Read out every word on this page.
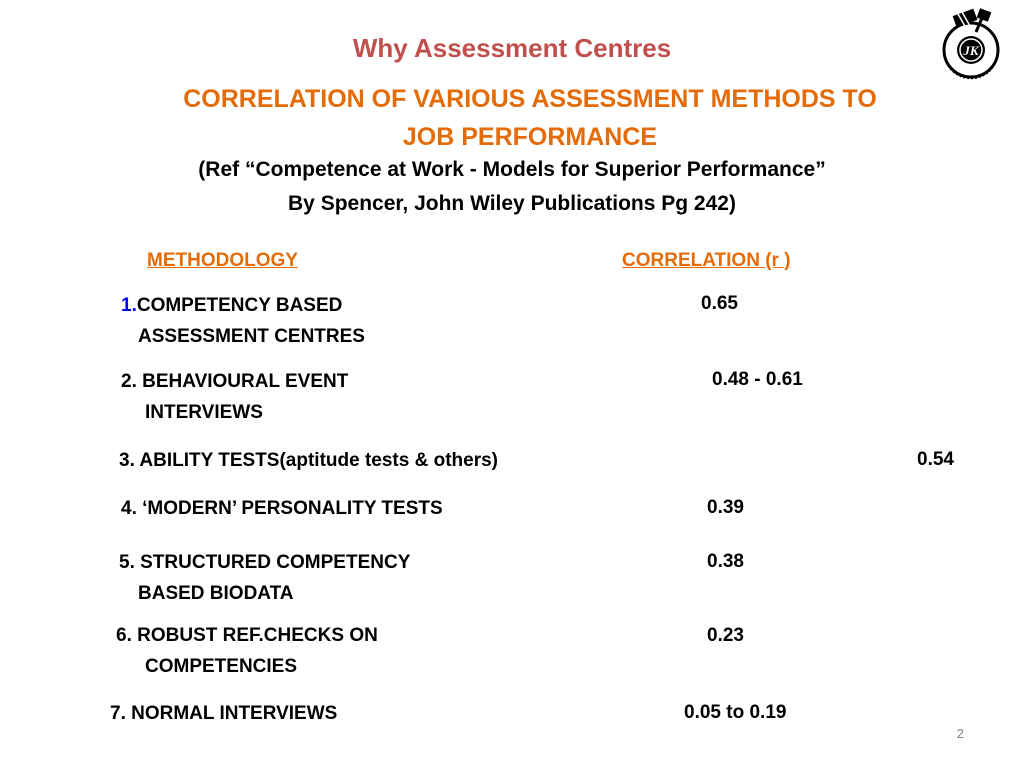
JK
Why Assessment Centres
CORRELATION OF VARIOUS ASSESSMENT METHODS TO
JOB PERFORMANCE
(Ref “Competence at Work - Models for Superior Performance”
By Spencer, John Wiley Publications Pg 242)
METHODOLOGY	CORRELATION (r )
1.COMPETENCY BASED
ASSESSMENT CENTRES
0.65
2. BEHAVIOURAL EVENT
INTERVIEWS
0.48 - 0.61
3. ABILITY TESTS(aptitude tests & others)	0.54
4. ‘MODERN’ PERSONALITY TESTS	0.39
5. STRUCTURED COMPETENCY
BASED BIODATA
0.38
6. ROBUST REF.CHECKS ON
COMPETENCIES
0.23
7. NORMAL INTERVIEWS	0.05 to 0.19
2
